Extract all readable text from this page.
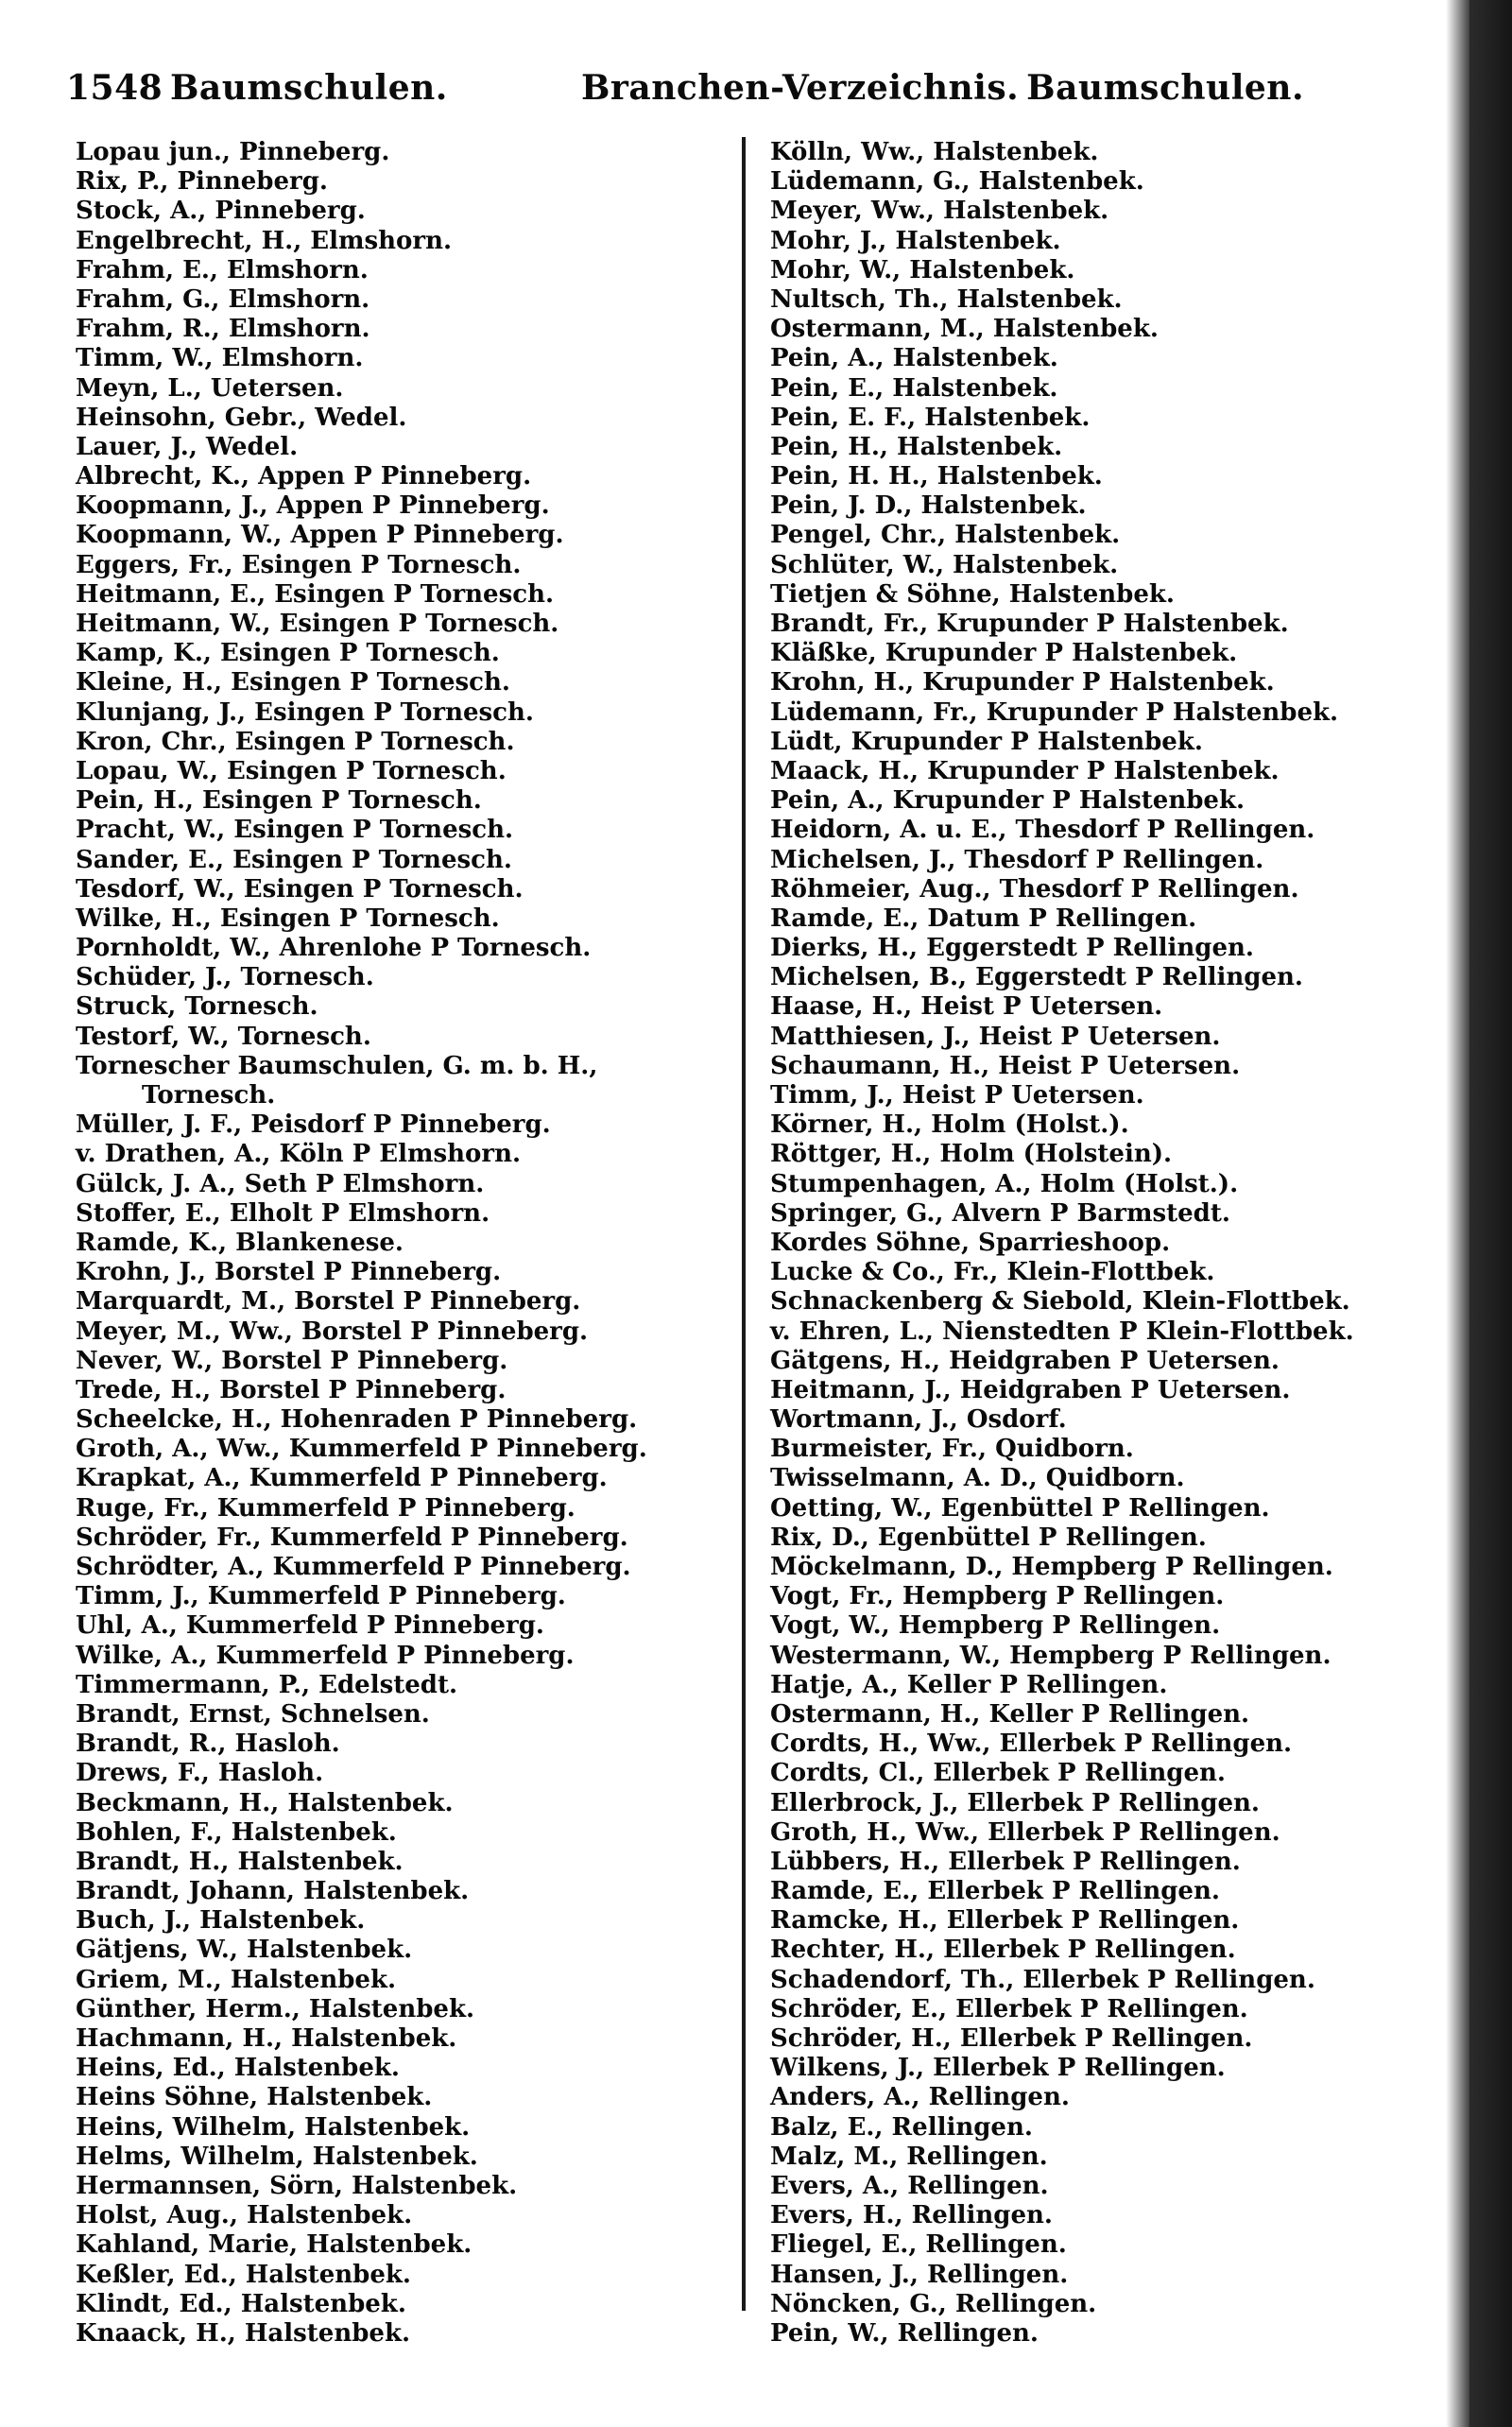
1548 Baumschulen.	Branchen-Verzeichnis. Baumschulen.
Lopau jun., Pinneberg.
Rix, P., Pinneberg.
Stock, A., Pinneberg.
Engelbrecht, H., Elmshorn.
Frahm, E., Elmshorn.
Frahm, G., Elmshorn.
Frahm, R., Elmshorn.
Timm, W., Elmshorn.
Meyn, L., Uetersen.
Heinsohn, Gebr., Wedel.
Lauer, J., Wedel.
Albrecht, K., Appen P Pinneberg.
Koopmann, J., Appen P Pinneberg.
Koopmann, W., Appen P Pinneberg.
Eggers, Fr., Esingen P Tornesch.
Heitmann, E., Esingen P Tornesch.
Heitmann, W., Esingen P Tornesch.
Kamp, K., Esingen P Tornesch.
Kleine, H., Esingen P Tornesch.
Klunjang, J., Esingen P Tornesch.
Kron, Chr., Esingen P Tornesch.
Lopau, W., Esingen P Tornesch.
Pein, H., Esingen P Tornesch.
Pracht, W., Esingen P Tornesch.
Sander, E., Esingen P Tornesch.
Tesdorf, W., Esingen P Tornesch.
Wilke, H., Esingen P Tornesch.
Pornholdt, W., Ahrenlohe P Tornesch.
Schüder, J., Tornesch.
Struck, Tornesch.
Testorf, W., Tornesch.
Tornescher Baumschulen, G. m. b. H.,
Tornesch.
Müller, J. F., Peisdorf P Pinneberg.
v. Drathen, A., Köln P Elmshorn.
Gülck, J. A., Seth P Elmshorn.
Stoffer, E., Elholt P Elmshorn.
Ramde, K., Blankenese.
Krohn, J., Borstel P Pinneberg.
Marquardt, M., Borstel P Pinneberg.
Meyer, M., Ww., Borstel P Pinneberg.
Never, W., Borstel P Pinneberg.
Trede, H., Borstel P Pinneberg.
Scheelcke, H., Hohenraden P Pinneberg.
Groth, A., Ww., Kummerfeld P Pinneberg.
Krapkat, A., Kummerfeld P Pinneberg.
Ruge, Fr., Kummerfeld P Pinneberg.
Schröder, Fr., Kummerfeld P Pinneberg.
Schrödter, A., Kummerfeld P Pinneberg.
Timm, J., Kummerfeld P Pinneberg.
Uhl, A., Kummerfeld P Pinneberg.
Wilke, A., Kummerfeld P Pinneberg.
Timmermann, P., Edelstedt.
Brandt, Ernst, Schnelsen.
Brandt, R., Hasloh.
Drews, F., Hasloh.
Beckmann, H., Halstenbek.
Bohlen, F., Halstenbek.
Brandt, H., Halstenbek.
Brandt, Johann, Halstenbek.
Buch, J., Halstenbek.
Gätjens, W., Halstenbek.
Griem, M., Halstenbek.
Günther, Herm., Halstenbek.
Hachmann, H., Halstenbek.
Heins, Ed., Halstenbek.
Heins Söhne, Halstenbek.
Heins, Wilhelm, Halstenbek.
Helms, Wilhelm, Halstenbek.
Hermannsen, Sörn, Halstenbek.
Holst, Aug., Halstenbek.
Kahland, Marie, Halstenbek.
Keßler, Ed., Halstenbek.
Klindt, Ed., Halstenbek.
Knaack, H., Halstenbek.
Kölln, Ww., Halstenbek.
Lüdemann, G., Halstenbek.
Meyer, Ww., Halstenbek.
Mohr, J., Halstenbek.
Mohr, W., Halstenbek.
Nultsch, Th., Halstenbek.
Ostermann, M., Halstenbek.
Pein, A., Halstenbek.
Pein, E., Halstenbek.
Pein, E. F., Halstenbek.
Pein, H., Halstenbek.
Pein, H. H., Halstenbek.
Pein, J. D., Halstenbek.
Pengel, Chr., Halstenbek.
Schlüter, W., Halstenbek.
Tietjen & Söhne, Halstenbek.
Brandt, Fr., Krupunder P Halstenbek.
Kläßke, Krupunder P Halstenbek.
Krohn, H., Krupunder P Halstenbek.
Lüdemann, Fr., Krupunder P Halstenbek.
Lüdt, Krupunder P Halstenbek.
Maack, H., Krupunder P Halstenbek.
Pein, A., Krupunder P Halstenbek.
Heidorn, A. u. E., Thesdorf P Rellingen.
Michelsen, J., Thesdorf P Rellingen.
Röhmeier, Aug., Thesdorf P Rellingen.
Ramde, E., Datum P Rellingen.
Dierks, H., Eggerstedt P Rellingen.
Michelsen, B., Eggerstedt P Rellingen.
Haase, H., Heist P Uetersen.
Matthiesen, J., Heist P Uetersen.
Schaumann, H., Heist P Uetersen.
Timm, J., Heist P Uetersen.
Körner, H., Holm (Holst.).
Röttger, H., Holm (Holstein).
Stumpenhagen, A., Holm (Holst.).
Springer, G., Alvern P Barmstedt.
Kordes Söhne, Sparrieshoop.
Lucke & Co., Fr., Klein-Flottbek.
Schnackenberg & Siebold, Klein-Flottbek.
v. Ehren, L., Nienstedten P Klein-Flottbek.
Gätgens, H., Heidgraben P Uetersen.
Heitmann, J., Heidgraben P Uetersen.
Wortmann, J., Osdorf.
Burmeister, Fr., Quidborn.
Twisselmann, A. D., Quidborn.
Oetting, W., Egenbüttel P Rellingen.
Rix, D., Egenbüttel P Rellingen.
Möckelmann, D., Hempberg P Rellingen.
Vogt, Fr., Hempberg P Rellingen.
Vogt, W., Hempberg P Rellingen.
Westermann, W., Hempberg P Rellingen.
Hatje, A., Keller P Rellingen.
Ostermann, H., Keller P Rellingen.
Cordts, H., Ww., Ellerbek P Rellingen.
Cordts, Cl., Ellerbek P Rellingen.
Ellerbrock, J., Ellerbek P Rellingen.
Groth, H., Ww., Ellerbek P Rellingen.
Lübbers, H., Ellerbek P Rellingen.
Ramde, E., Ellerbek P Rellingen.
Ramcke, H., Ellerbek P Rellingen.
Rechter, H., Ellerbek P Rellingen.
Schadendorf, Th., Ellerbek P Rellingen.
Schröder, E., Ellerbek P Rellingen.
Schröder, H., Ellerbek P Rellingen.
Wilkens, J., Ellerbek P Rellingen.
Anders, A., Rellingen.
Balz, E., Rellingen.
Malz, M., Rellingen.
Evers, A., Rellingen.
Evers, H., Rellingen.
Fliegel, E., Rellingen.
Hansen, J., Rellingen.
Nöncken, G., Rellingen.
Pein, W., Rellingen.
